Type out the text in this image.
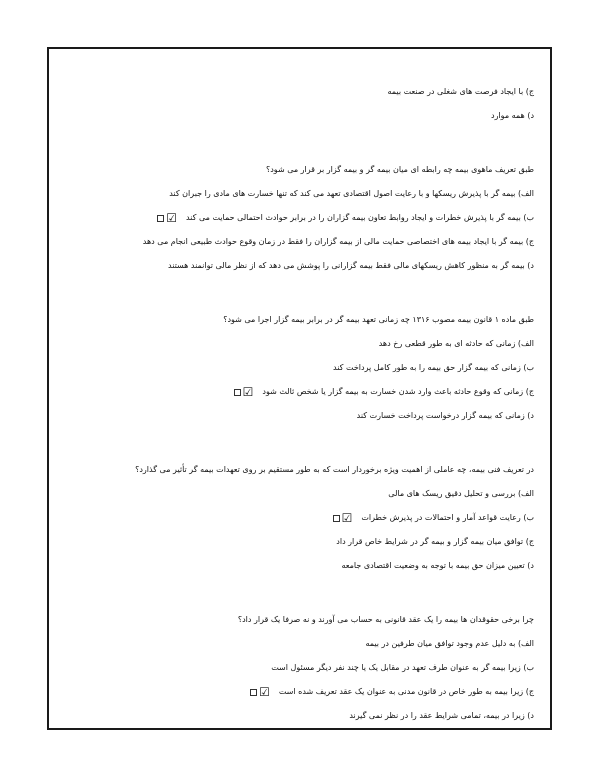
ج) با ایجاد فرصت های شغلی در صنعت بیمه
د) همه موارد
طبق تعریف ماهوی بیمه چه رابطه ای میان بیمه گر و بیمه گزار بر قرار می شود؟
الف) بیمه گر با پذیرش ریسکها و با رعایت اصول اقتصادی تعهد می کند که تنها خسارت های مادی را جبران کند
ب) بیمه گر با پذیرش خطرات و ایجاد روابط تعاون بیمه گزاران را در برابر حوادث احتمالی حمایت می کند
☑
ج) بیمه گر با ایجاد بیمه های اختصاصی حمایت مالی از بیمه گزاران را فقط در زمان وقوع حوادث طبیعی انجام می دهد
د) بیمه گر به منظور کاهش ریسکهای مالی فقط بیمه گزارانی را پوشش می دهد که از نظر مالی توانمند هستند
طبق ماده ۱ قانون بیمه مصوب ۱۳۱۶ چه زمانی تعهد بیمه گر در برابر بیمه گزار اجرا می شود؟
الف) زمانی که حادثه ای به طور قطعی رخ دهد
ب) زمانی که بیمه گزار حق بیمه را به طور کامل پرداخت کند
ج) زمانی که وقوع حادثه باعث وارد شدن خسارت به بیمه گزار یا شخص ثالث شود
☑
د) زمانی که بیمه گزار درخواست پرداخت خسارت کند
در تعریف فنی بیمه، چه عاملی از اهمیت ویژه برخوردار است که به طور مستقیم بر روی تعهدات بیمه گر تأثیر می گذارد؟
الف) بررسی و تحلیل دقیق ریسک های مالی
ب) رعایت قواعد آمار و احتمالات در پذیرش خطرات
☑
ج) توافق میان بیمه گزار و بیمه گر در شرایط خاص قرار داد
د) تعیین میزان حق بیمه با توجه به وضعیت اقتصادی جامعه
چرا برخی حقوقدان ها بیمه را یک عقد قانونی به حساب می آورند و نه صرفا یک قرار داد؟
الف) به دلیل عدم وجود توافق میان طرفین در بیمه
ب) زیرا بیمه گر به عنوان طرف تعهد در مقابل یک یا چند نفر دیگر مسئول است
ج) زیرا بیمه به طور خاص در قانون مدنی به عنوان یک عقد تعریف شده است
☑
د) زیرا در بیمه، تمامی شرایط عقد را در نظر نمی گیرند
